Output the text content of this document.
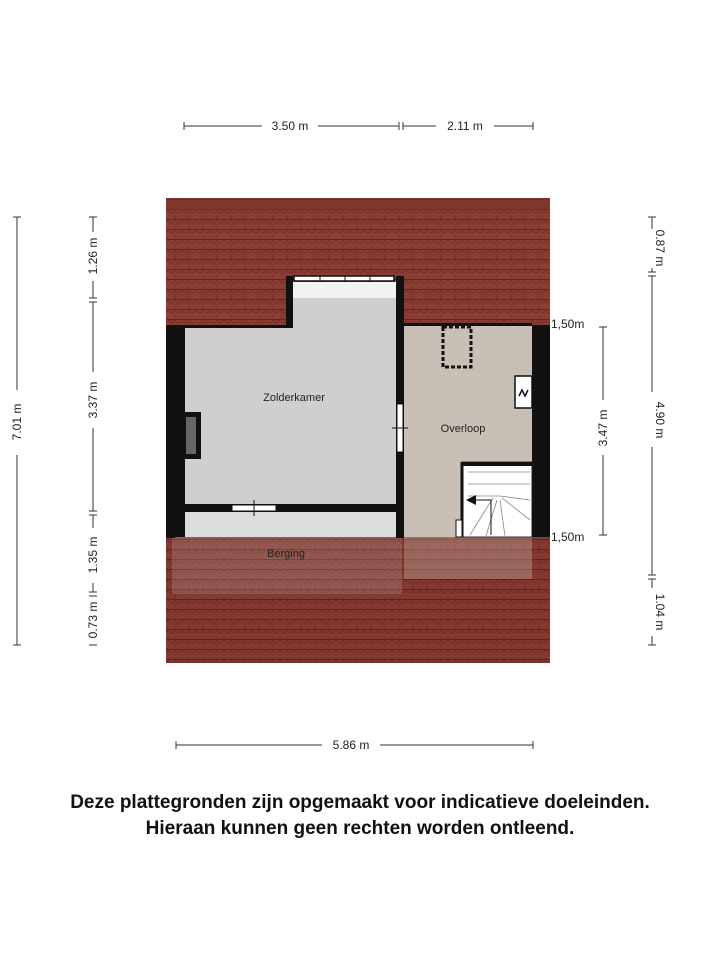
Zolderkamer
Overloop
Berging
3.50 m	2.11 m
5.86 m
7.01 m
1.26 m
3.37 m
1.35 m
0.73 m
3.47 m
0.87 m
4.90 m
1.04 m
1,50m
1,50m
Deze plattegronden zijn opgemaakt voor indicatieve doeleinden.
Hieraan kunnen geen rechten worden ontleend.
